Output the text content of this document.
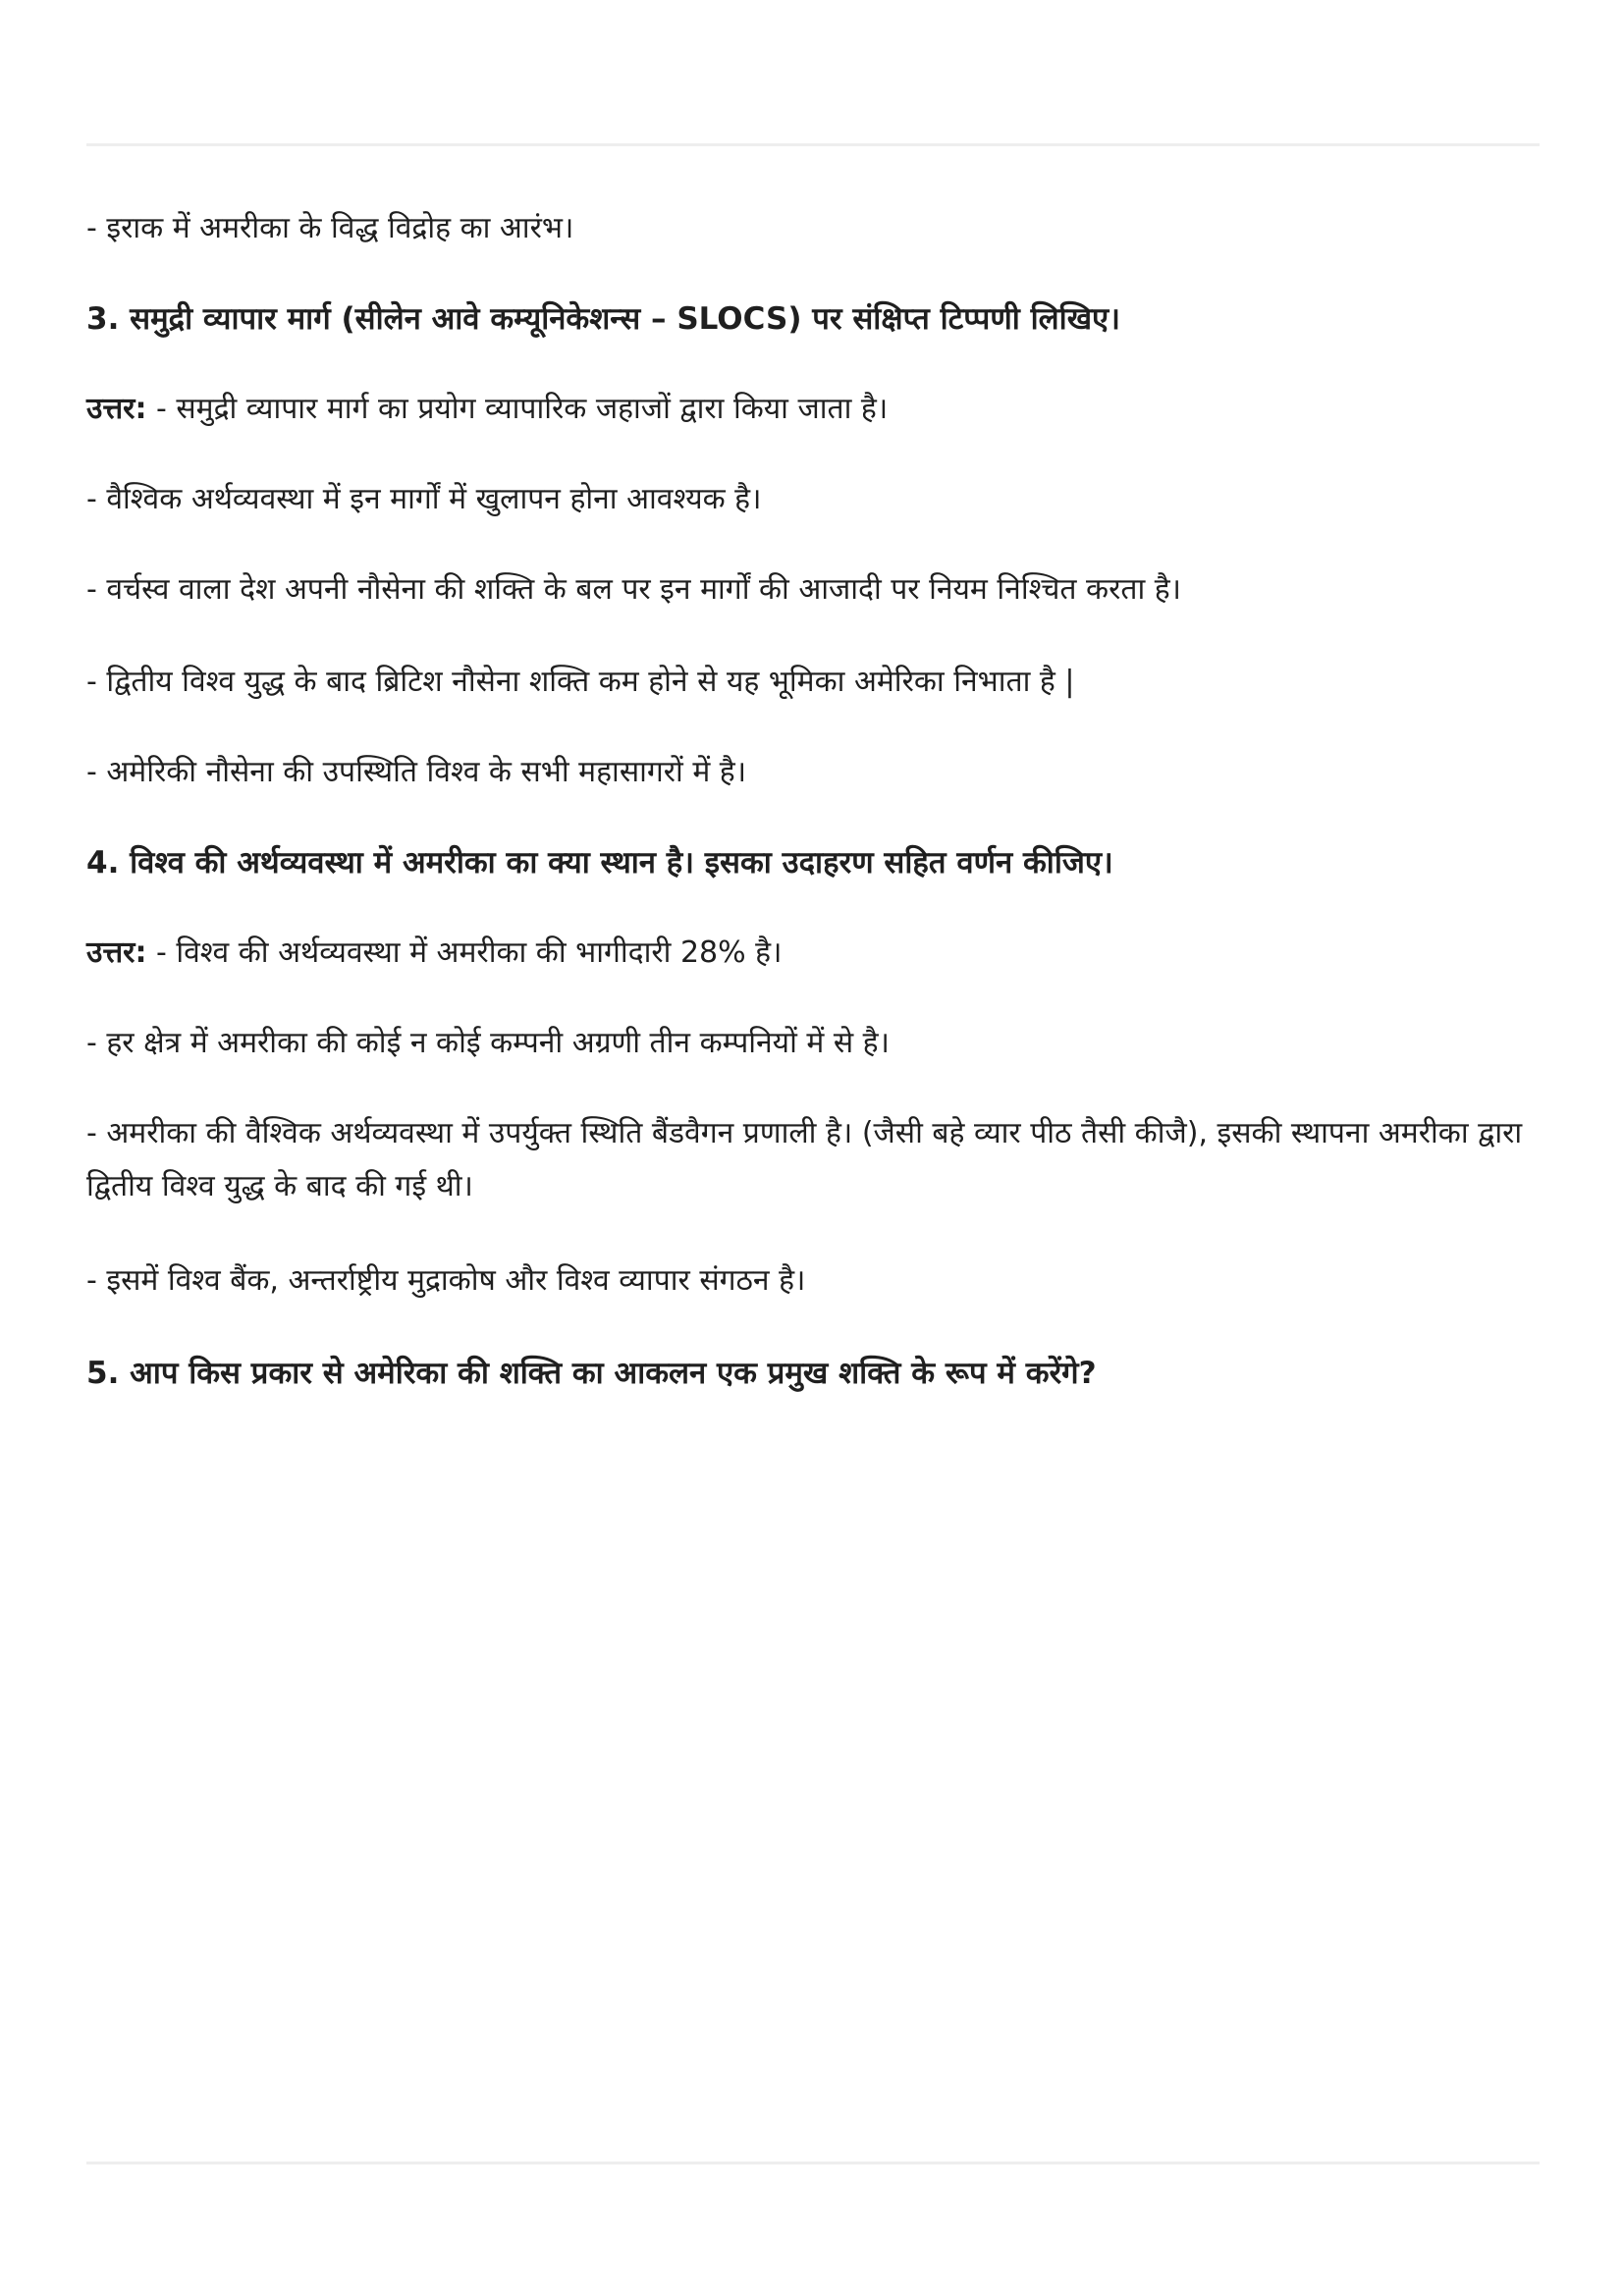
- इराक में अमरीका के विद्ध विद्रोह का आरंभ।
3. समुद्री व्यापार मार्ग (सीलेन आवे कम्यूनिकेशन्स – SLOCS) पर संक्षिप्त टिप्पणी लिखिए।
उत्तर: - समुद्री व्यापार मार्ग का प्रयोग व्यापारिक जहाजों द्वारा किया जाता है।
- वैश्विक अर्थव्यवस्था में इन मार्गों में खुलापन होना आवश्यक है।
- वर्चस्व वाला देश अपनी नौसेना की शक्ति के बल पर इन मार्गों की आजादी पर नियम निश्चित करता है।
- द्वितीय विश्व युद्ध के बाद ब्रिटिश नौसेना शक्ति कम होने से यह भूमिका अमेरिका निभाता है |
- अमेरिकी नौसेना की उपस्थिति विश्व के सभी महासागरों में है।
4. विश्व की अर्थव्यवस्था में अमरीका का क्या स्थान है। इसका उदाहरण सहित वर्णन कीजिए।
उत्तर: - विश्व की अर्थव्यवस्था में अमरीका की भागीदारी 28% है।
- हर क्षेत्र में अमरीका की कोई न कोई कम्पनी अग्रणी तीन कम्पनियों में से है।
- अमरीका की वैश्विक अर्थव्यवस्था में उपर्युक्त स्थिति बैंडवैगन प्रणाली है। (जैसी बहे व्यार पीठ तैसी कीजै), इसकी स्थापना अमरीका द्वारा द्वितीय विश्व युद्ध के बाद की गई थी।
- इसमें विश्व बैंक, अन्तर्राष्ट्रीय मुद्राकोष और विश्व व्यापार संगठन है।
5. आप किस प्रकार से अमेरिका की शक्ति का आकलन एक प्रमुख शक्ति के रूप में करेंगे?
